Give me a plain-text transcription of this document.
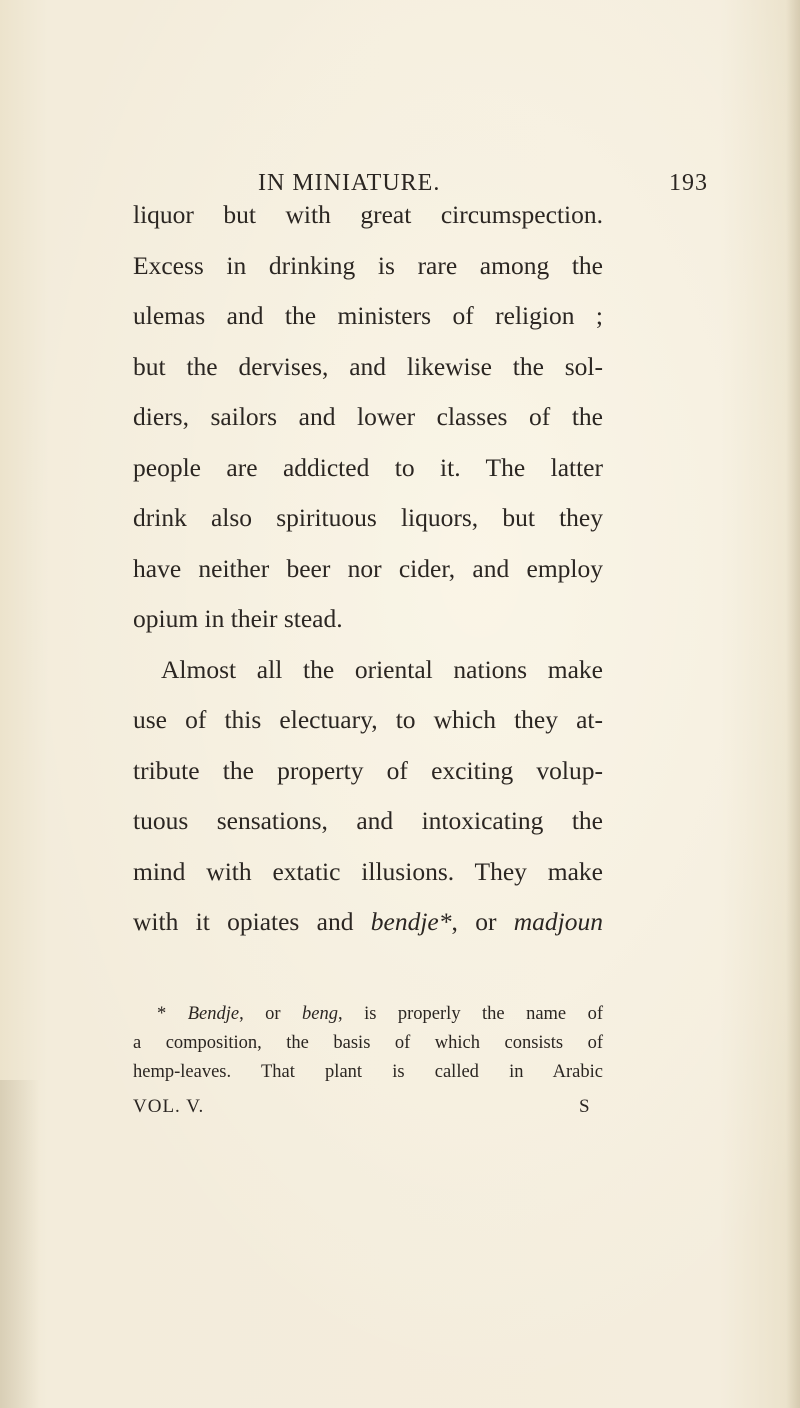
IN MINIATURE.	193
liquor but with great circumspection.
Excess in drinking is rare among the
ulemas and the ministers of religion ;
but the dervises, and likewise the sol-
diers, sailors and lower classes of the
people are addicted to it. The latter
drink also spirituous liquors, but they
have neither beer nor cider, and employ
opium in their stead.
Almost all the oriental nations make
use of this electuary, to which they at-
tribute the property of exciting volup-
tuous sensations, and intoxicating the
mind with extatic illusions. They make
with it opiates and bendje*, or madjoun
* Bendje, or beng, is properly the name of
a composition, the basis of which consists of
hemp-leaves. That plant is called in Arabic
VOL. V.	S
